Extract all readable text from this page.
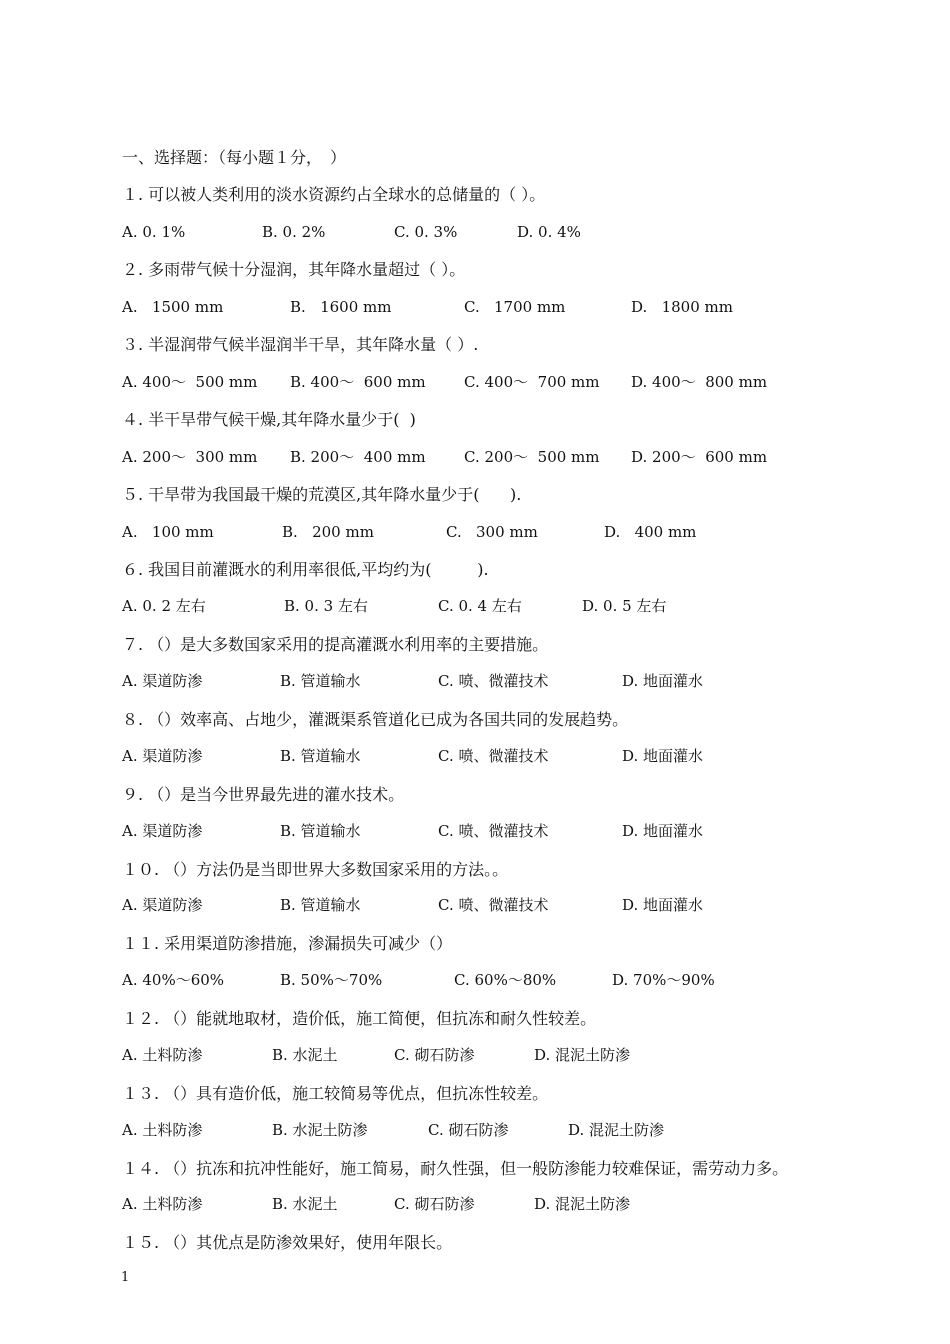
一、选择题：（每小题１分，　）
１. 可以被人类利用的淡水资源约占全球水的总储量的（ ）。
A. 0. 1%	B. 0. 2%	C. 0. 3%	D. 0. 4%
２. 多雨带气候十分湿润，其年降水量超过（ ）。
A.   1500 mm	B.   1600 mm	C.   1700 mm	D.   1800 mm
３. 半湿润带气候半湿润半干旱，其年降水量（ ）.
A. 400～  500 mm B. 400～  600 mm	C. 400～  700 mm D. 400～  800 mm
４. 半干旱带气候干燥,其年降水量少于(  )
A. 200～  300 mm B. 200～  400 mm	C. 200～  500 mm D. 200～  600 mm
５. 干旱带为我国最干燥的荒漠区,其年降水量少于(      ).
A.   100 mm	B.   200 mm	C.   300 mm	D.   400 mm
６. 我国目前灌溉水的利用率很低,平均约为(         ).
A. 0. 2 左右	B. 0. 3 左右	C. 0. 4 左右	D. 0. 5 左右
７. （）是大多数国家采用的提高灌溉水利用率的主要措施。
A. 渠道防渗	B. 管道输水	C. 喷、微灌技术	D. 地面灌水
８. （）效率高、占地少，灌溉渠系管道化已成为各国共同的发展趋势。
A. 渠道防渗	B. 管道输水	C. 喷、微灌技术	D. 地面灌水
９. （）是当今世界最先进的灌水技术。
A. 渠道防渗	B. 管道输水	C. 喷、微灌技术	D. 地面灌水
１０. （）方法仍是当即世界大多数国家采用的方法。。
A. 渠道防渗	B. 管道输水	C. 喷、微灌技术	D. 地面灌水
１１. 采用渠道防渗措施，渗漏损失可减少（）
A. 40%～60%	B. 50%～70%	C. 60%～80%	D. 70%～90%
１２. （）能就地取材，造价低，施工简便，但抗冻和耐久性较差。
A. 土料防渗	B. 水泥土	C. 砌石防渗	D. 混泥土防渗
１３. （）具有造价低，施工较简易等优点，但抗冻性较差。
A. 土料防渗	B. 水泥土防渗	C. 砌石防渗	D. 混泥土防渗
１４. （）抗冻和抗冲性能好，施工简易，耐久性强，但一般防渗能力较难保证，需劳动力多。
A. 土料防渗	B. 水泥土	C. 砌石防渗	D. 混泥土防渗
１５. （）其优点是防渗效果好，使用年限长。
1
